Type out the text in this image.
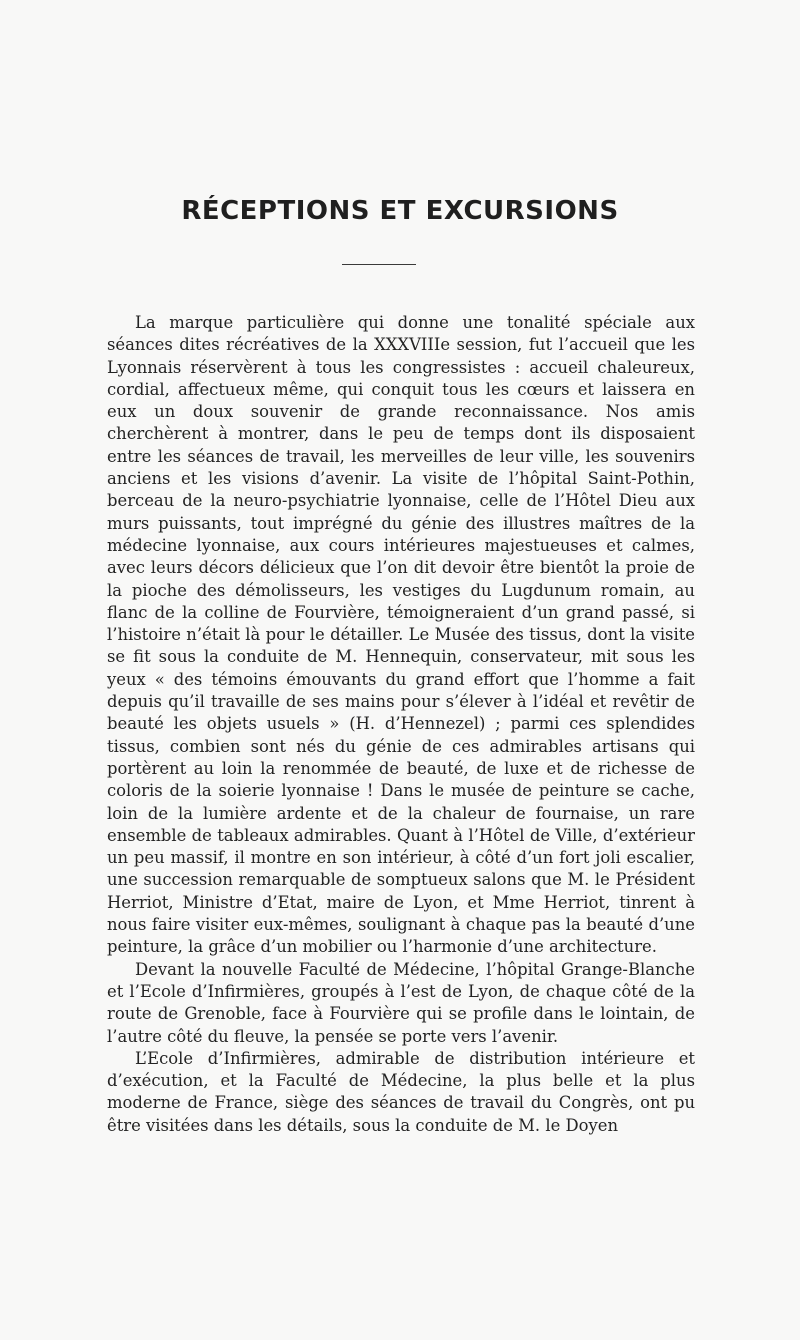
RÉCEPTIONS ET EXCURSIONS

La marque particulière qui donne une tonalité spéciale aux séances dites récréatives de la XXXVIIIe session, fut l’accueil que les Lyonnais réservèrent à tous les congressistes : accueil chaleureux, cordial, affectueux même, qui conquit tous les cœurs et laissera en eux un doux souvenir de grande reconnaissance. Nos amis cherchèrent à montrer, dans le peu de temps dont ils disposaient entre les séances de travail, les merveilles de leur ville, les souvenirs anciens et les visions d’avenir. La visite de l’hôpital Saint-Pothin, berceau de la neuro-psychiatrie lyonnaise, celle de l’Hôtel Dieu aux murs puissants, tout imprégné du génie des illustres maîtres de la médecine lyonnaise, aux cours intérieures majestueuses et calmes, avec leurs décors délicieux que l’on dit devoir être bientôt la proie de la pioche des démolisseurs, les vestiges du Lugdunum romain, au flanc de la colline de Fourvière, témoigneraient d’un grand passé, si l’histoire n’était là pour le détailler. Le Musée des tissus, dont la visite se fit sous la conduite de M. Hennequin, conservateur, mit sous les yeux « des témoins émouvants du grand effort que l’homme a fait depuis qu’il travaille de ses mains pour s’élever à l’idéal et revêtir de beauté les objets usuels » (H. d’Hennezel) ; parmi ces splendides tissus, combien sont nés du génie de ces admirables artisans qui portèrent au loin la renommée de beauté, de luxe et de richesse de coloris de la soierie lyonnaise ! Dans le musée de peinture se cache, loin de la lumière ardente et de la chaleur de fournaise, un rare ensemble de tableaux admirables. Quant à l’Hôtel de Ville, d’extérieur un peu massif, il montre en son intérieur, à côté d’un fort joli escalier, une succession remarquable de somptueux salons que M. le Président Herriot, Ministre d’Etat, maire de Lyon, et Mme Herriot, tinrent à nous faire visiter eux-mêmes, soulignant à chaque pas la beauté d’une peinture, la grâce d’un mobilier ou l’harmonie d’une architecture.

Devant la nouvelle Faculté de Médecine, l’hôpital Grange-Blanche et l’Ecole d’Infirmières, groupés à l’est de Lyon, de chaque côté de la route de Grenoble, face à Fourvière qui se profile dans le lointain, de l’autre côté du fleuve, la pensée se porte vers l’avenir.

L’Ecole d’Infirmières, admirable de distribution intérieure et d’exécution, et la Faculté de Médecine, la plus belle et la plus moderne de France, siège des séances de travail du Congrès, ont pu être visitées dans les détails, sous la conduite de M. le Doyen
